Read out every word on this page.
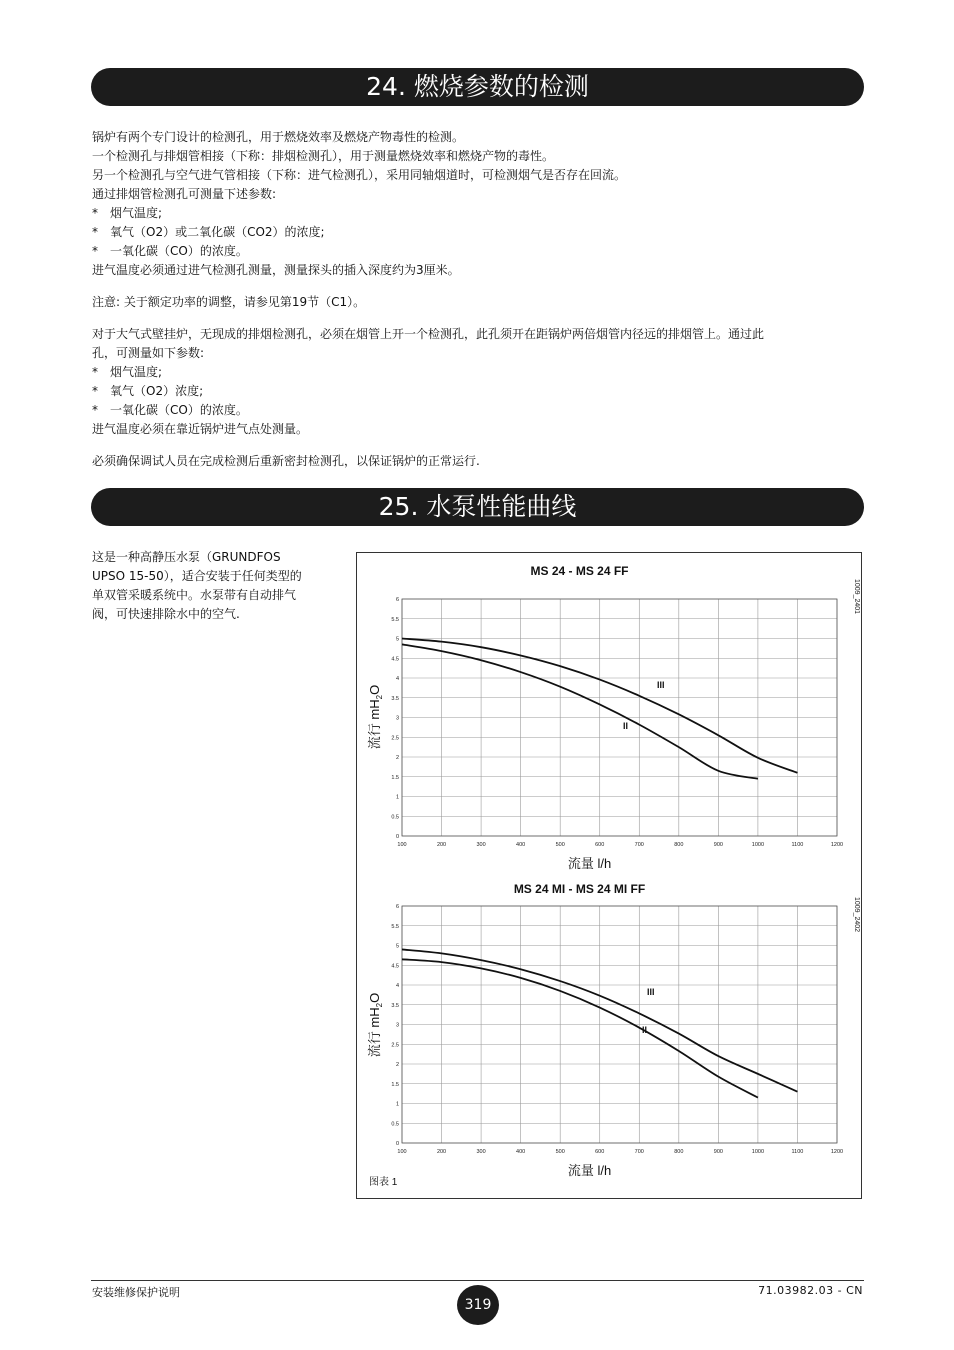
24. 燃烧参数的检测

锅炉有两个专门设计的检测孔，用于燃烧效率及燃烧产物毒性的检测。

一个检测孔与排烟管相接（下称：排烟检测孔），用于测量燃烧效率和燃烧产物的毒性。

另一个检测孔与空气进气管相接（下称：进气检测孔），采用同轴烟道时，可检测烟气是否存在回流。

通过排烟管检测孔可测量下述参数:

* 烟气温度;

* 氧气（O2）或二氧化碳（CO2）的浓度;

* 一氧化碳（CO）的浓度。

进气温度必须通过进气检测孔测量，测量探头的插入深度约为3厘米。

注意: 关于额定功率的调整，请参见第19节（C1）。

对于大气式壁挂炉，无现成的排烟检测孔，必须在烟管上开一个检测孔，此孔须开在距锅炉两倍烟管内径远的排烟管上。通过此

孔，可测量如下参数:

* 烟气温度;

* 氧气（O2）浓度;

* 一氧化碳（CO）的浓度。

进气温度必须在靠近锅炉进气点处测量。

必须确保调试人员在完成检测后重新密封检测孔，以保证锅炉的正常运行.

25. 水泵性能曲线

这是一种高静压水泵（GRUNDFOS

UPSO 15-50），适合安装于任何类型的

单双管采暖系统中。水泵带有自动排气

阀，可快速排除水中的空气.

MS 24 - MS 24 FF
1009_2401
100	200	300	400	500	600	700	800	900	1000	1100	1200
0
0.5
1
1.5
2
2.5
3
3.5
4
4.5
5
5.5
6
III
II
流量 l/h
流行 $mH_2O$
MS 24 MI - MS 24 MI FF
1009_2402
100	200	300	400	500	600	700	800	900	1000	1100	1200
0
0.5
1
1.5
2
2.5
3
3.5
4
4.5
5
5.5
6
III
II
流量 l/h
流行 $mH_2O$
图表 1
安装维修保护说明
319
71.03982.03 - CN
